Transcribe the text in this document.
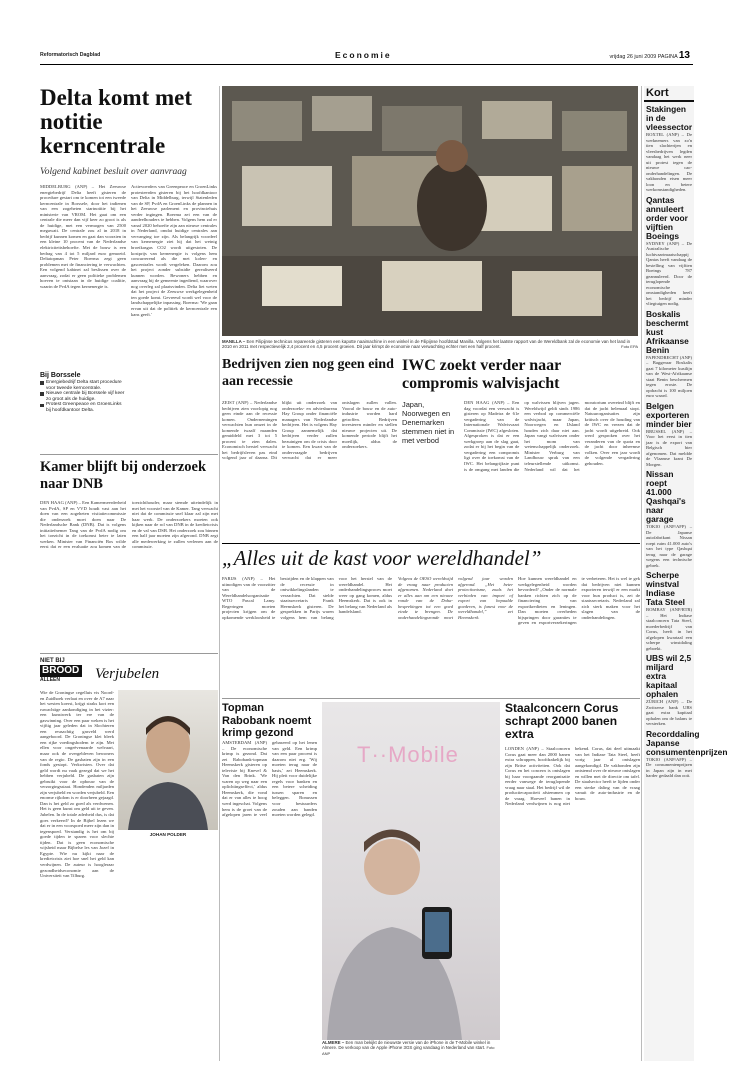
Reformatorisch Dagblad	Economie	vrijdag 26 juni 2009 PAGINA 13
Delta komt met notitie kerncentrale
Volgend kabinet besluit over aanvraag
MIDDELBURG (ANP) – Het Zeeuwse energiebedrijf Delta heeft gisteren de procedure gestart om te komen tot een tweede kerncentrale in Borssele, door het indienen van een zogeheten startnotitie bij het ministerie van VROM. Het gaat om een centrale die meer dan vijf keer zo groot is als de huidige, met een vermogen van 2500 megawatt. De centrale zou al in 2018 in bedrijf kunnen komen en gaat dan voorzien in een kleine 10 procent van de Nederlandse elektriciteitsbehoefte. Met de bouw is een bedrag van 4 tot 5 miljard euro gemoeid. Deltatopman Peter Boerma zegt geen problemen met de financiering te verwachten. Een volgend kabinet zal beslissen over de aanvraag, zodat er geen politieke problemen hoeven te ontstaan in de huidige coalitie, waarin de PvdA tegen kernenergie is.
Actievoerders van Greenpeace en GroenLinks protesteerden gisteren bij het hoofdkantoor van Delta in Middelburg, terwijl Statenleden van de SP, PvdA en GroenLinks de plannen in het Zeeuwse parlement en provinciehuis verder ingingen. Boerma zei een van de aandeelhouders te hebben. Volgens hem zal er vanaf 2020 behoefte zijn aan nieuwe centrales in Nederland, omdat huidige centrales aan vervanging toe zijn. Als belangrijk voordeel van kernenergie ziet hij dat het weinig broeikasgas CO2 wordt uitgestoten. De kostprijs van kernenergie is volgens hem concurrerend als die met kolen- en gascentrales wordt vergeleken. Daarom zou het project zonder subsidie gerealiseerd kunnen worden. Bewoners hebben en aanvraag bij de gemeente ingediend, waarover nog overleg zal plaatsvinden. Delta liet weten dat het project de Zeeuwse werkgelegenheid ten goede komt. Gevreesd wordt wel voor de landschappelijke inpassing. Boerma: 'We gaan ervan uit dat de politiek de kerncentrale een kans geeft.'
Bij Borssele
Energiebedrijf Delta start procedure voor tweede kerncentrale.
Nieuwe centrale bij Borssele vijf keer zo groot als de huidige.
Protest Greenpeace en GroenLinks bij hoofdkantoor Delta.
Kamer blijft bij onderzoek naar DNB
DEN HAAG (ANP) – Een Kamermeerderheid van PvdA, SP en VVD houdt vast aan het doen van een zogeheten visitatiecommissie die onderzoek moet doen naar De Nederlandsche Bank (DNB). Dat is volgens initiatiefnemer Tang van de PvdA nodig om het toezicht in de toekomst beter te laten werken. Minister van Financiën Bos wilde eerst dat er een evaluatie zou komen van de toezichthouder, maar stemde uiteindelijk in met het voorstel van de Kamer. Tang verwacht niet dat de commissie snel klaar zal zijn met haar werk. De onderzoekers moeten ook kijken naar de rol van DNB in de kredietcrisis en de val van DSB. Het onderzoek zou binnen een half jaar moeten zijn afgerond. DNB zegt alle medewerking te zullen verlenen aan de commissie.
NIET BIJ
BROOD
ALLEEN	Verjubelen
JOHAN POLDER
Wie de Groningse cegelluis vis Noord- en Zuidhoek verlaat en over de A7 naar het westen koerst, krijgt straks kort een ruwachtige aankondiging in het vizier: een kunstwerk ter ere van de gaswinning. Over een paar weken is het vijftig jaar geleden dat in Slochteren een reusachtig gasveld werd aangeboord. De Groningse klei bleek een rijke voedingsbodem te zijn. Met ellen voor ongeëvenaarde welvaart, maar ook de overgebleven bewoners van de regio. De gasbaten zijn in een fonds gestopt. Verkwisten. Over dat geld wordt nu vaak gezegd dat we het hebben verjubeld. De gasbaten zijn gebruikt voor de opbouw van de verzorgingsstaat. Hondenden miljarden zijn verjubeld en worden verjubeld. Een enorme rijkdom is er doorheen gejaagd. Dan is het geld zo goed als verdwenen. Het is geen kunst om geld uit te geven. Jubelen. In de totale aderheid dus, is dat goes verkeerd? In de Bijbel lezen we dat er in een voorspoed meer zijn dan in tegenspoed. Verstandig is het om bij goede tijden te sparen voor slechte tijden. Dat is geen economische wijsheid maar Bijbelse les van Jozef in Egypte. Wie nu kijkt naar de kredietcrisis ziet hoe snel het geld kan verdwijnen. De auteur is hoogleraar gezondheidseconomie aan de Universiteit van Tilburg.
MANILLA – Een Filipijnse technicus repareerde gisteren een kapotte naaimachine in een winkel in de Filipijnse hoofdstad Manilla. Volgens het laatste rapport van de Wereldbank zal de economie van het land in 2010 en 2011 met respectievelijk 2,4 procent en 4,5 procent groeien. Dit jaar krimpt de economie naar verwachting echter met een half procent.	Foto EPA
Bedrijven zien nog geen eind aan recessie
ZEIST (ANP) – Nederlandse bedrijven zien voorlopig nog geen einde aan de recessie komen. Ondernemingen verwachten hun omzet in de komende twaalf maanden gemiddeld met 3 tot 5 procent te zien dalen. Economisch herstel verwacht het bedrijfsleven pas eind volgend jaar of daarna. Dit blijkt uit onderzoek van onderzoeks- en adviesbureau Hay Group onder financiële managers van Nederlandse bedrijven. Het is volgens Hay Group aannemelijk dat bedrijven verder zullen bezuinigen om de crisis door te komen. Een kwart van de ondervraagde bedrijven verwacht dat er meer ontslagen zullen vallen. Vooral de bouw en de auto-industrie worden hard getroffen. Bedrijven investeren minder en stellen nieuwe projecten uit. De komende periode blijft het moeilijk, aldus de onderzoekers.
IWC zoekt verder naar compromis walvisjacht
Japan, Noorwegen en Denemarken stemmen niet in met verbod
DEN HAAG (ANP) – Een dag voordat een verwacht is gisteren op Madeira de 61e vergadering van de Internationale Walvisvaart Commissie (IWC) afgesloten. Afgesproken is dat er een werkgroep aan de slag gaat, zodat er bij het begin van de vergadering een compromis ligt over de toekomst van de IWC. Het belangrijkste punt is de omgang met landen die op walvissen blijven jagen. Wereldwijd geldt sinds 1986 een verbod op commerciële walvisjacht, maar Japan, Noorwegen en IJsland houden zich daar niet aan. Japan vangt walvissen onder het mom van wetenschappelijk onderzoek. Minister Verburg van Landbouw sprak van een teleurstellende uitkomst. Nederland wil dat het moratorium overeind blijft en dat de jacht helemaal stopt. Natuurorganisaties zijn kritisch over de houding van de IWC en vrezen dat de jacht wordt uitgebreid. Ook werd gesproken over het veranderen van de quota en de jacht door inheemse volken. Over een jaar wordt de volgende vergadering gehouden.
„Alles uit de kast voor wereldhandel”
PARIJS (ANP) – Het uitnodigen van de voorzitter van de Wereldhandelsorganisatie WTO Pascal Lamy. Regeringen moeten projecten krijgen om de opkomende werkloosheid te bestrijden en de klappen van de recessie in ontwikkelingslanden te verzachten. Dat stelde staatssecretaris Frank Heemskerk gisteren. De gesprekken in Parijs waren volgens hem van belang voor het herstel van de wereldhandel. Het onderhandelingsproces moet weer op gang komen, aldus Heemskerk. Dat is ook in het belang van Nederland als handelsland.
Volgens de OESO wereldwijd de vraag naar producten afgenomen. Nederland doet er alles aan om een nieuwe ronde van de Doha-besprekingen tot een goed einde te brengen. De onderhandelingsronde moet volgend jaar worden afgerond. „Het beter protectionisme, zoals het verbieden van import of export van bepaalde goederen, is funest voor de wereldhandel,” zei Heemskerk.
Hoe kunnen wereldhandel en werkgelegenheid worden bevorderd? „Onder de normale banken richten zich op de financiering van exportkredieten en leningen. Dan moeten overheden bijspringen door garanties te geven en exportverzekeringen te verbeteren. Het is wel te gek dat bedrijven niet kunnen exporteren terwijl er een markt voor hun product is, zei de staatssecretaris. Nederland zal zich sterk maken voor het slagen van de onderhandelingen.
Topman Rabobank noemt krimp gezond
AMSTERDAM (ANP) – De economische krimp is gezond. Dat zei Rabobank-topman Heemskerk gisteren op televisie bij Knevel & Van den Brink. 'We waren op weg naar een oplichtingseffect,' aldus Heemskerk, die vond dat er van alles te hoog werd ingeschat. Volgens hem is de groei van de afgelopen jaren te veel gebaseerd op het lenen van geld. Een krimp van een paar procent is daarom niet erg. 'Wij moeten terug naar de basis,' zei Heemskerk. Hij pleit voor duidelijke regels voor banken en een betere scheiding tussen sparen en beleggen. Bonussen voor bestuurders zouden aan banden moeten worden gelegd.
T··Mobile
ALMERE – Een man bekijkt de nieuwste versie van de iPhone in de T-Mobile winkel in Almere. De verkoop van de Apple iPhone 3GS ging vandaag in Nederland van start. Foto ANP
Staalconcern Corus schrapt 2000 banen extra
LONDEN (ANP) – Staalconcern Corus gaat meer dan 2000 banen extra schrappen, hoofdzakelijk bij zijn Britse activiteiten. Ook dat Corus en het concern is ontslagen bij haar voorgaande reorganisatie eerder vanwege de teruglopende vraag naar staal. Het bedrijf wil de productiecapaciteit afstemmen op de vraag. Hoeveel banen in Nederland verdwijnen is nog niet bekend. Corus, dat deel uitmaakt van het Indiase Tata Steel, heeft vorig jaar al ontslagen aangekondigd. De vakbonden zijn ontstemd over de nieuwe ontslagen en willen met de directie om tafel. De staalsector heeft te lijden onder een sterke daling van de vraag vanuit de auto-industrie en de bouw.
Kort
Stakingen in de vleessector
BOXTEL (ANP) – De werknemers van zo'n tien slachterijen en vleesbedrijven legden vandaag het werk neer uit protest tegen de nieuwe cao-onderhandelingen. De vakbonden eisen meer loon en betere werkomstandigheden.
Qantas annuleert order voor vijftien Boeings
SYDNEY (ANP) – De Australische luchtvaartmaatschappij Qantas heeft vandaag de bestelling van vijftien Boeings 787 geannuleerd. Door de teruglopende economische omstandigheden heeft het bedrijf minder vliegtuigen nodig.
Boskalis beschermt kust Afrikaanse Benin
PAPENDRECHT (ANP) – Baggeraar Boskalis gaat 7 kilometer kustlijn van de West-Afrikaanse staat Benin beschermen tegen erosie. De opdracht is 100 miljoen euro waard.
Belgen exporteren minder bier
BRUSSEL (ANP) – Voor het eerst in tien jaar is de export van Belgisch bier afgenomen. Dat meldde de Vlaamse krant De Morgen.
Nissan roept 41.000 Qashqai's naar garage
TOKIO (ANP/AFP) – De Japanse autofabrikant Nissan roept ruim 41.000 auto's van het type Qashqai terug naar de garage wegens een technische gebrek.
Scherpe winstval Indiase Tata Steel
BOMBAY (ANP/RTR) – Het Indiase staalconcern Tata Steel, moederbedrijf van Corus, heeft in het afgelopen kwartaal een scherpe winstdaling geboekt.
UBS wil 2,5 miljard extra kapitaal ophalen
ZÜRICH (ANP) – De Zwitserse bank UBS gaat extra kapitaal ophalen om de balans te versterken.
Recorddaling Japanse consumentenprijzen
TOKIO (ANP/AFP) – De consumentenprijzen in Japan zijn in mei harder gedaald dan ooit.
